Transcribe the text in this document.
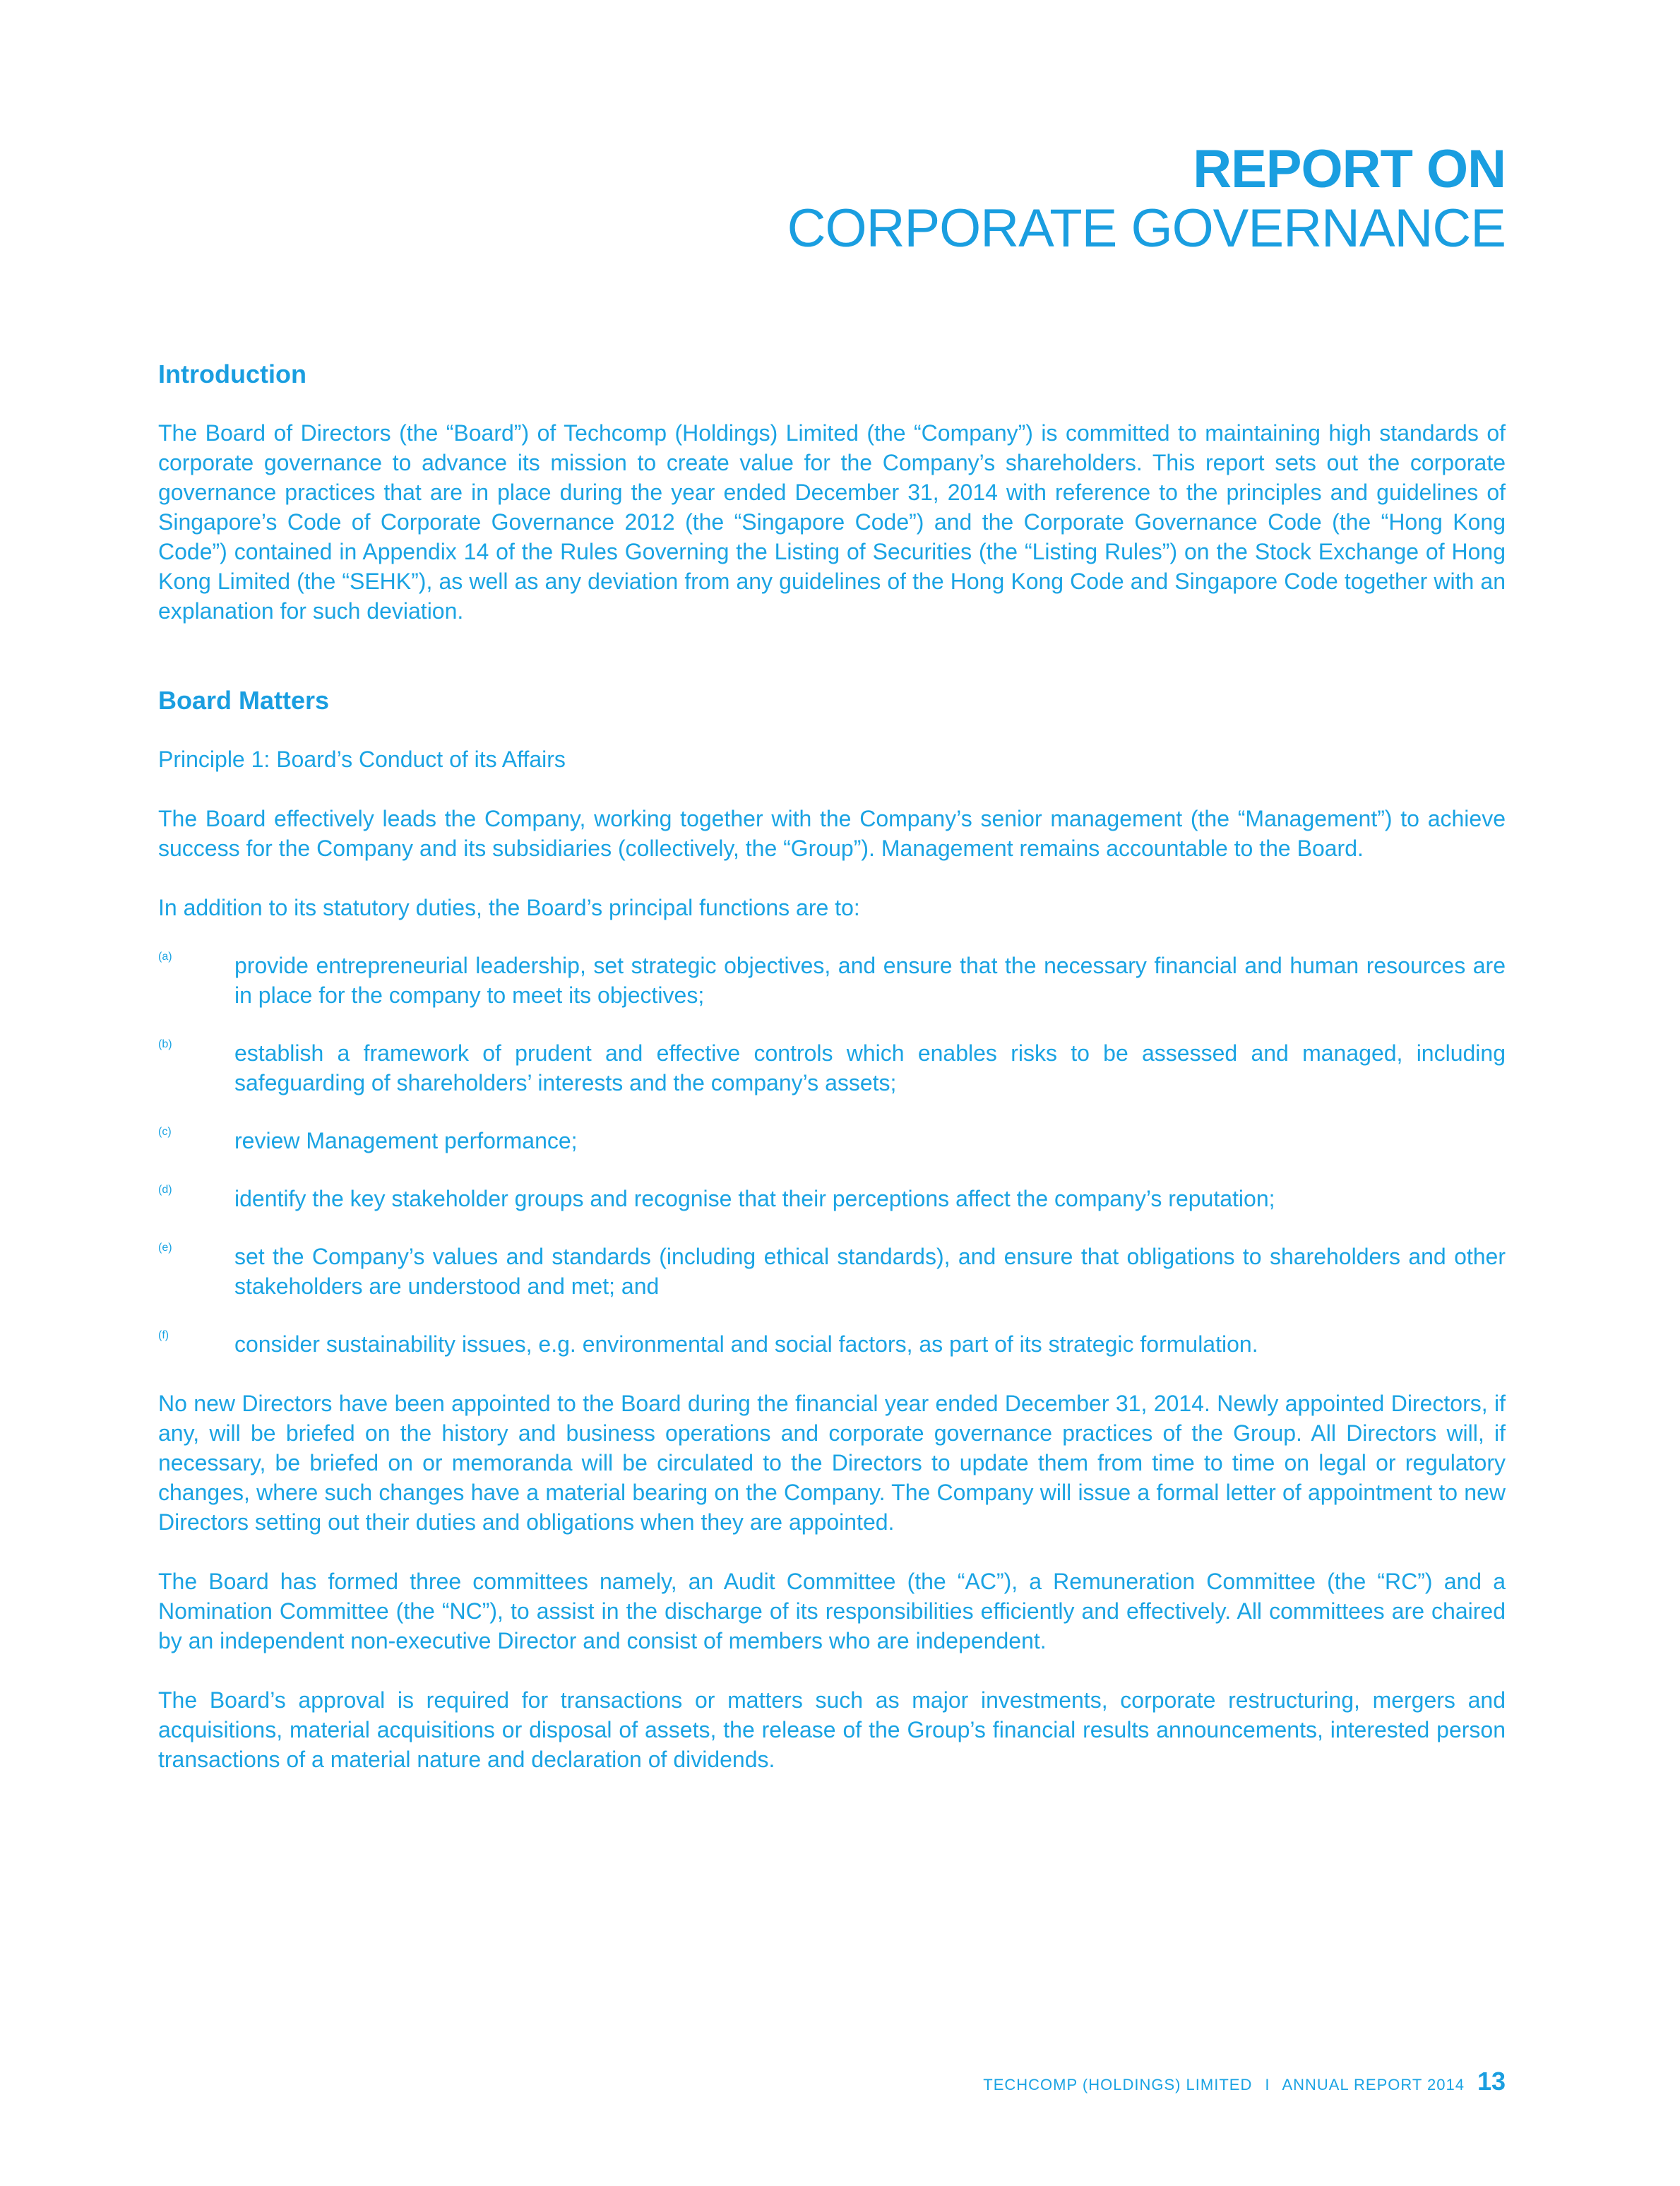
REPORT ON
CORPORATE GOVERNANCE
Introduction

The Board of Directors (the “Board”) of Techcomp (Holdings) Limited (the “Company”) is committed to maintaining high standards of corporate governance to advance its mission to create value for the Company’s shareholders. This report sets out the corporate governance practices that are in place during the year ended December 31, 2014 with reference to the principles and guidelines of Singapore’s Code of Corporate Governance 2012 (the “Singapore Code”) and the Corporate Governance Code (the “Hong Kong Code”) contained in Appendix 14 of the Rules Governing the Listing of Securities (the “Listing Rules”) on the Stock Exchange of Hong Kong Limited (the “SEHK”), as well as any deviation from any guidelines of the Hong Kong Code and Singapore Code together with an explanation for such deviation.

Board Matters

Principle 1: Board’s Conduct of its Affairs

The Board effectively leads the Company, working together with the Company’s senior management (the “Management”) to achieve success for the Company and its subsidiaries (collectively, the “Group”). Management remains accountable to the Board.

In addition to its statutory duties, the Board’s principal functions are to:

(a)	provide entrepreneurial leadership, set strategic objectives, and ensure that the necessary financial and human resources are in place for the company to meet its objectives;

(b)	establish a framework of prudent and effective controls which enables risks to be assessed and managed, including safeguarding of shareholders’ interests and the company’s assets;

(c)	review Management performance;

(d)	identify the key stakeholder groups and recognise that their perceptions affect the company’s reputation;

(e)	set the Company’s values and standards (including ethical standards), and ensure that obligations to shareholders and other stakeholders are understood and met; and

(f)	consider sustainability issues, e.g. environmental and social factors, as part of its strategic formulation.

No new Directors have been appointed to the Board during the financial year ended December 31, 2014. Newly appointed Directors, if any, will be briefed on the history and business operations and corporate governance practices of the Group. All Directors will, if necessary, be briefed on or memoranda will be circulated to the Directors to update them from time to time on legal or regulatory changes, where such changes have a material bearing on the Company. The Company will issue a formal letter of appointment to new Directors setting out their duties and obligations when they are appointed.

The Board has formed three committees namely, an Audit Committee (the “AC”), a Remuneration Committee (the “RC”) and a Nomination Committee (the “NC”), to assist in the discharge of its responsibilities efficiently and effectively. All committees are chaired by an independent non-executive Director and consist of members who are independent.

The Board’s approval is required for transactions or matters such as major investments, corporate restructuring, mergers and acquisitions, material acquisitions or disposal of assets, the release of the Group’s financial results announcements, interested person transactions of a material nature and declaration of dividends.

TECHCOMP (HOLDINGS) LIMITED I ANNUAL REPORT 2014 13
